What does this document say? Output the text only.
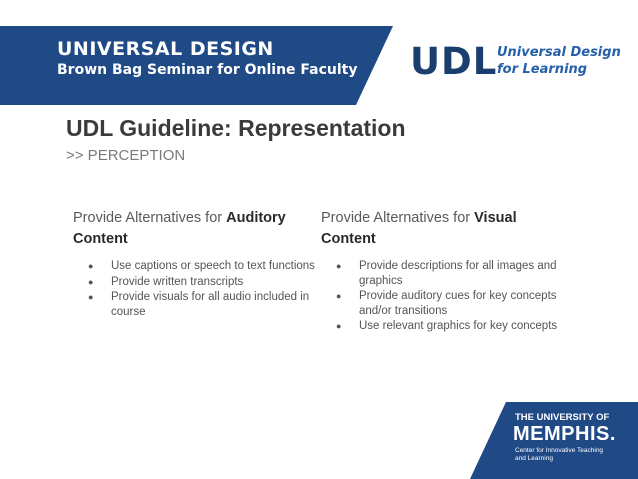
UNIVERSAL DESIGN
Brown Bag Seminar for Online Faculty UDL Universal Design
for Learning
UDL Guideline: Representation
>> PERCEPTION
Provide Alternatives for Auditory
Content
● Use captions or speech to text functions
● Provide written transcripts
● Provide visuals for all audio included in course
Provide Alternatives for Visual
Content
● Provide descriptions for all images and graphics
● Provide auditory cues for key concepts and/or transitions
● Use relevant graphics for key concepts
THE UNIVERSITY OF
MEMPHIS.
Center for Innovative Teaching and Learning
